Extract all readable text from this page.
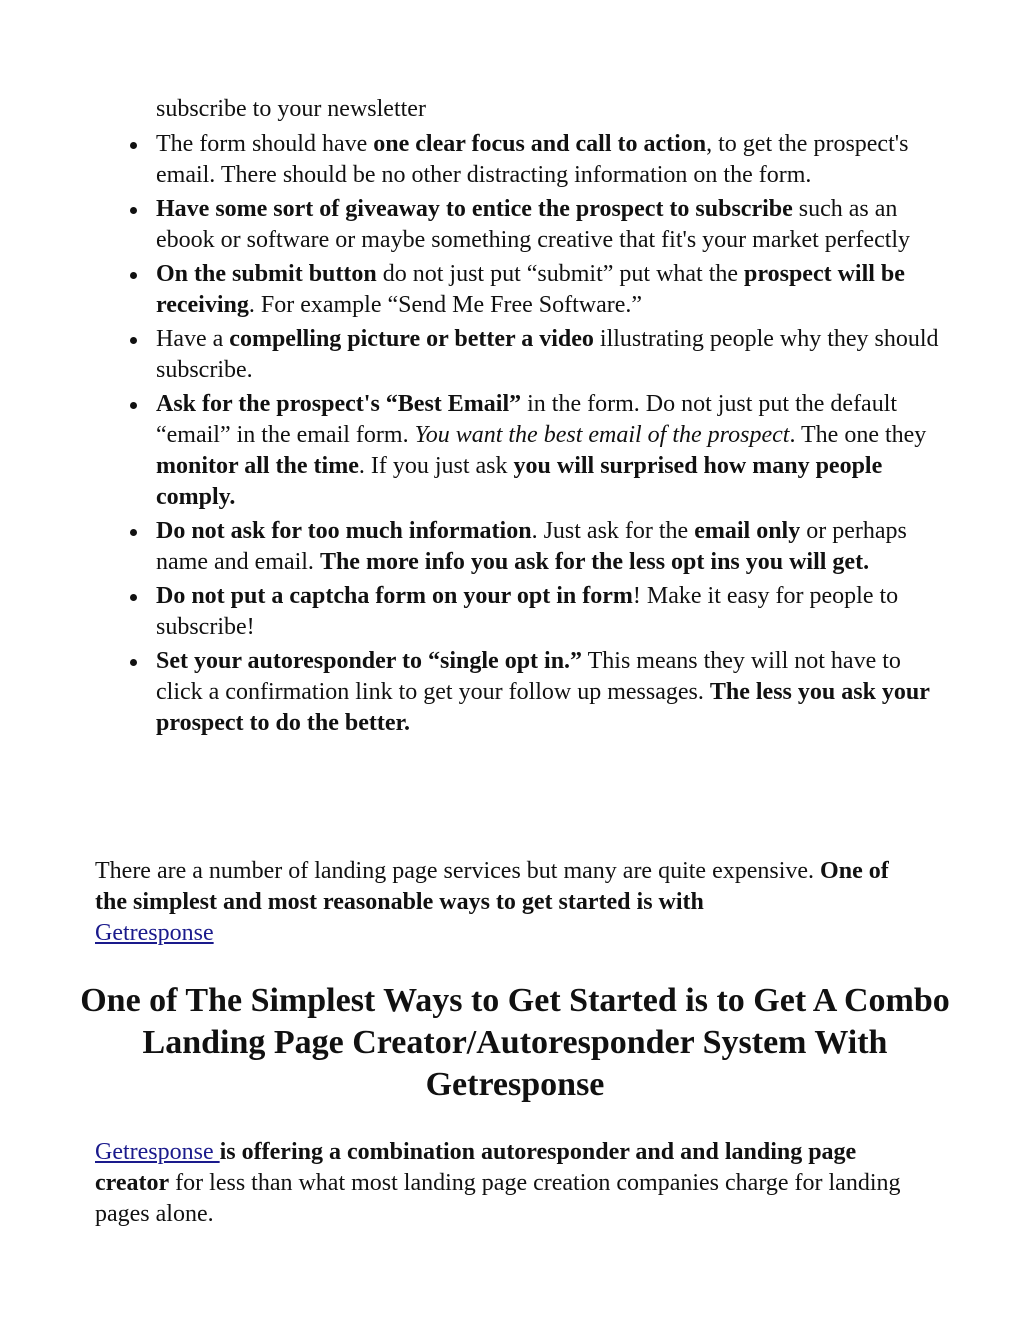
subscribe to your newsletter
The form should have one clear focus and call to action, to get the prospect's email. There should be no other distracting information on the form.
Have some sort of giveaway to entice the prospect to subscribe such as an ebook or software or maybe something creative that fit's your market perfectly
On the submit button do not just put “submit” put what the prospect will be receiving. For example “Send Me Free Software.”
Have a compelling picture or better a video illustrating people why they should subscribe.
Ask for the prospect's “Best Email” in the form. Do not just put the default “email” in the email form. You want the best email of the prospect. The one they monitor all the time. If you just ask you will surprised how many people comply.
Do not ask for too much information. Just ask for the email only or perhaps name and email. The more info you ask for the less opt ins you will get.
Do not put a captcha form on your opt in form! Make it easy for people to subscribe!
Set your autoresponder to “single opt in.” This means they will not have to click a confirmation link to get your follow up messages. The less you ask your prospect to do the better.
There are a number of landing page services but many are quite expensive. One of the simplest and most reasonable ways to get started is with
Getresponse
One of The Simplest Ways to Get Started is to Get A Combo Landing Page Creator/Autoresponder System With Getresponse
Getresponse is offering a combination autoresponder and and landing page creator for less than what most landing page creation companies charge for landing pages alone.
